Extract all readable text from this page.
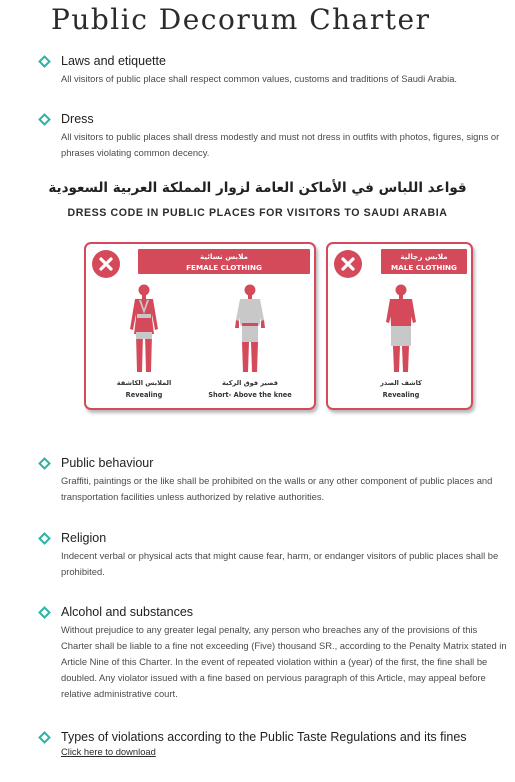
Public Decorum Charter
Laws and etiquette

All visitors of public place shall respect common values, customs and traditions of Saudi Arabia.

Dress

All visitors to public places shall dress modestly and must not dress in outfits with photos, figures, signs or phrases violating common decency.

قواعد اللباس في الأماكن العامة لزوار المملكة العربية السعودية
DRESS CODE IN PUBLIC PLACES FOR VISITORS TO SAUDI ARABIA
ملابس نسائية
FEMALE CLOTHING
الملابس الكاشفة
Revealing
قصير فوق الركبة
Short- Above the knee
ملابس رجالية
MALE CLOTHING
كاشف الصدر
Revealing
Public behaviour

Graffiti, paintings or the like shall be prohibited on the walls or any other component of public places and transportation facilities unless authorized by relative authorities.

Religion

Indecent verbal or physical acts that might cause fear, harm, or endanger visitors of public places shall be prohibited.

Alcohol and substances

Without prejudice to any greater legal penalty, any person who breaches any of the provisions of this Charter shall be liable to a fine not exceeding (Five) thousand SR., according to the Penalty Matrix stated in Article Nine of this Charter. In the event of repeated violation within a (year) of the first, the fine shall be doubled. Any violator issued with a fine based on pervious paragraph of this Article, may appeal before relative administrative court.

Types of violations according to the Public Taste Regulations and its fines
Click here to download
